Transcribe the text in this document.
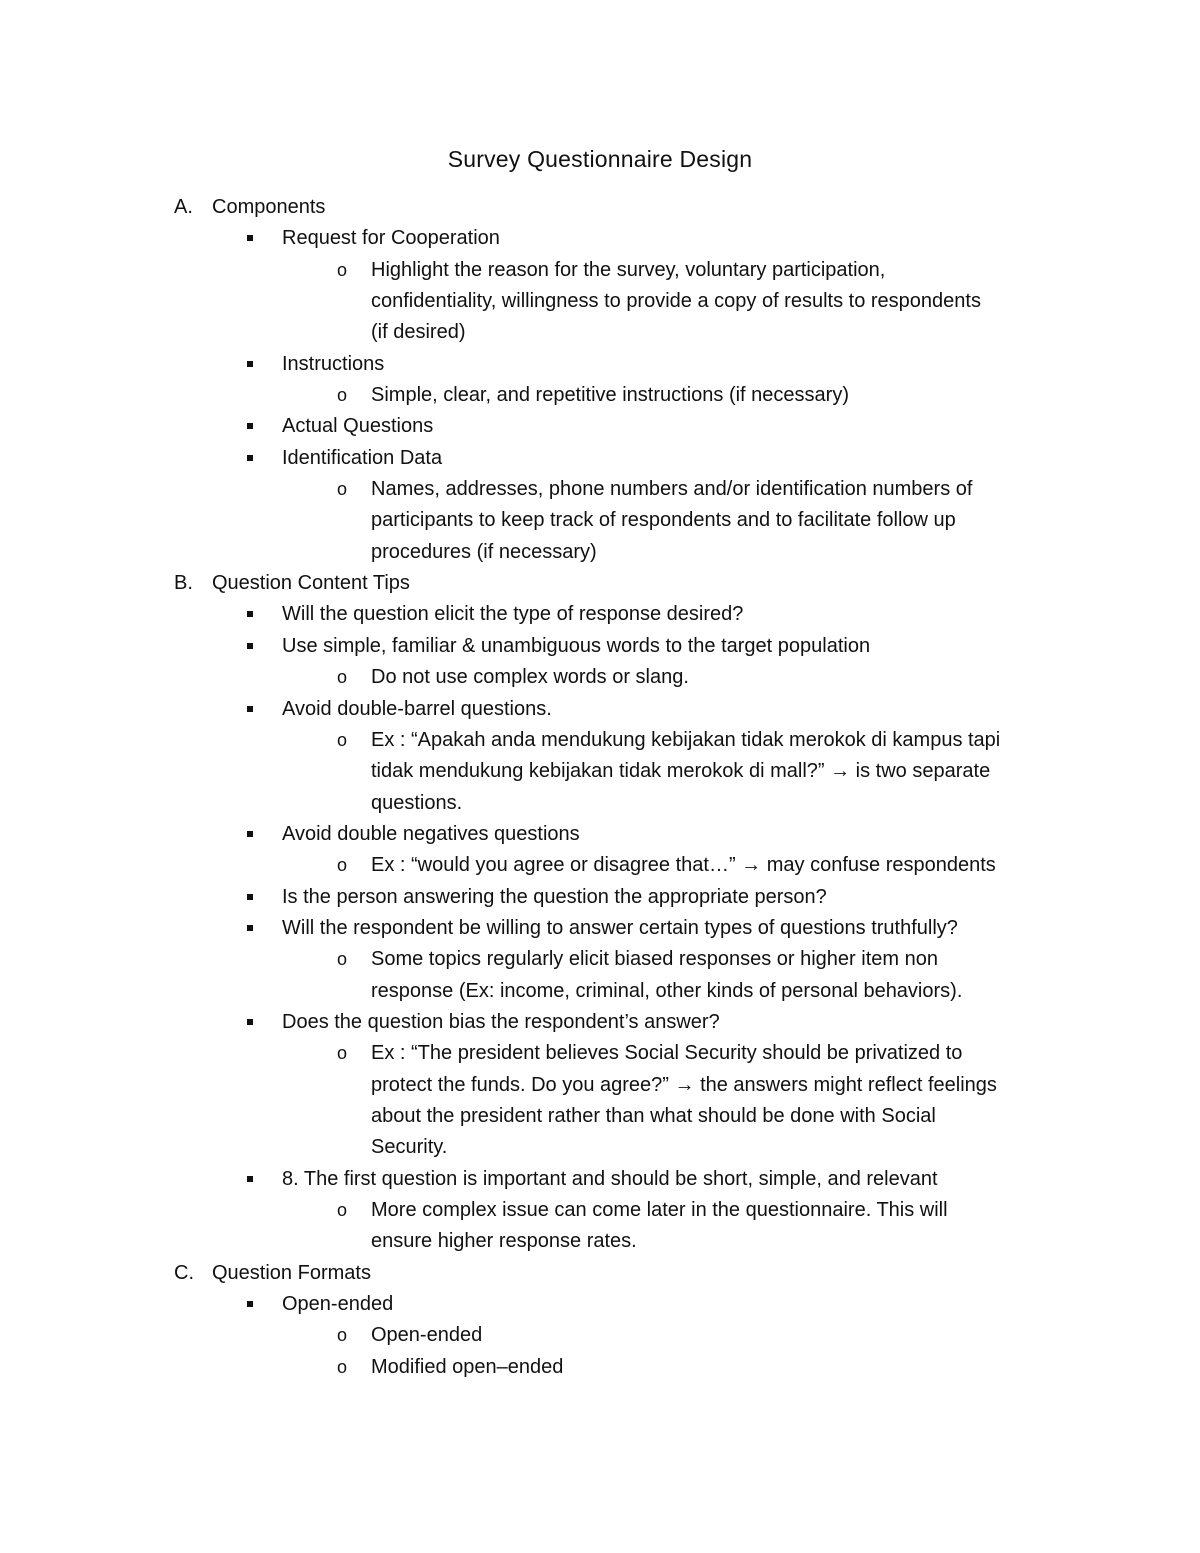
Survey Questionnaire Design
A. Components
Request for Cooperation
o Highlight the reason for the survey, voluntary participation,
confidentiality, willingness to provide a copy of results to respondents
(if desired)
Instructions
o Simple, clear, and repetitive instructions (if necessary)
Actual Questions
Identification Data
o Names, addresses, phone numbers and/or identification numbers of
participants to keep track of respondents and to facilitate follow up
procedures (if necessary)
B. Question Content Tips
Will the question elicit the type of response desired?
Use simple, familiar & unambiguous words to the target population
o Do not use complex words or slang.
Avoid double-barrel questions.
o Ex : “Apakah anda mendukung kebijakan tidak merokok di kampus tapi
tidak mendukung kebijakan tidak merokok di mall?” → is two separate
questions.
Avoid double negatives questions
o Ex : “would you agree or disagree that…” → may confuse respondents
Is the person answering the question the appropriate person?
Will the respondent be willing to answer certain types of questions truthfully?
o Some topics regularly elicit biased responses or higher item non
response (Ex: income, criminal, other kinds of personal behaviors).
Does the question bias the respondent’s answer?
o Ex : “The president believes Social Security should be privatized to
protect the funds. Do you agree?” → the answers might reflect feelings
about the president rather than what should be done with Social
Security.
8. The first question is important and should be short, simple, and relevant
o More complex issue can come later in the questionnaire. This will
ensure higher response rates.
C. Question Formats
Open-ended
o Open-ended
o Modified open–ended
